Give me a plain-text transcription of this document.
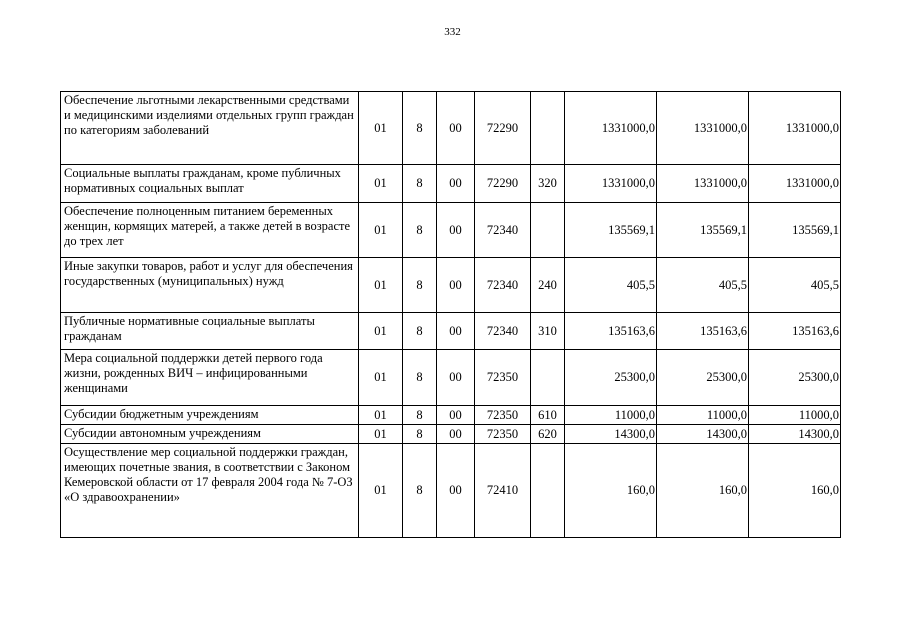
332
Обеспечение льготными лекарственными средствами и медицинскими изделиями отдельных групп граждан по категориям заболеваний	01	8	00	72290		1331000,0	1331000,0	1331000,0
Социальные выплаты гражданам, кроме публичных нормативных социальных выплат	01	8	00	72290	320	1331000,0	1331000,0	1331000,0
Обеспечение полноценным питанием беременных женщин, кормящих матерей, а также детей в возрасте до трех лет	01	8	00	72340		135569,1	135569,1	135569,1
Иные закупки товаров, работ и услуг для обеспечения государственных (муниципальных) нужд	01	8	00	72340	240	405,5	405,5	405,5
Публичные нормативные социальные выплаты гражданам	01	8	00	72340	310	135163,6	135163,6	135163,6
Мера социальной поддержки детей первого года жизни, рожденных ВИЧ – инфицированными женщинами	01	8	00	72350		25300,0	25300,0	25300,0
Субсидии бюджетным учреждениям	01	8	00	72350	610	11000,0	11000,0	11000,0
Субсидии автономным учреждениям	01	8	00	72350	620	14300,0	14300,0	14300,0
Осуществление мер социальной поддержки граждан, имеющих почетные звания, в соответствии с Законом Кемеровской области от 17 февраля 2004 года № 7-ОЗ «О здравоохранении»	01	8	00	72410		160,0	160,0	160,0
